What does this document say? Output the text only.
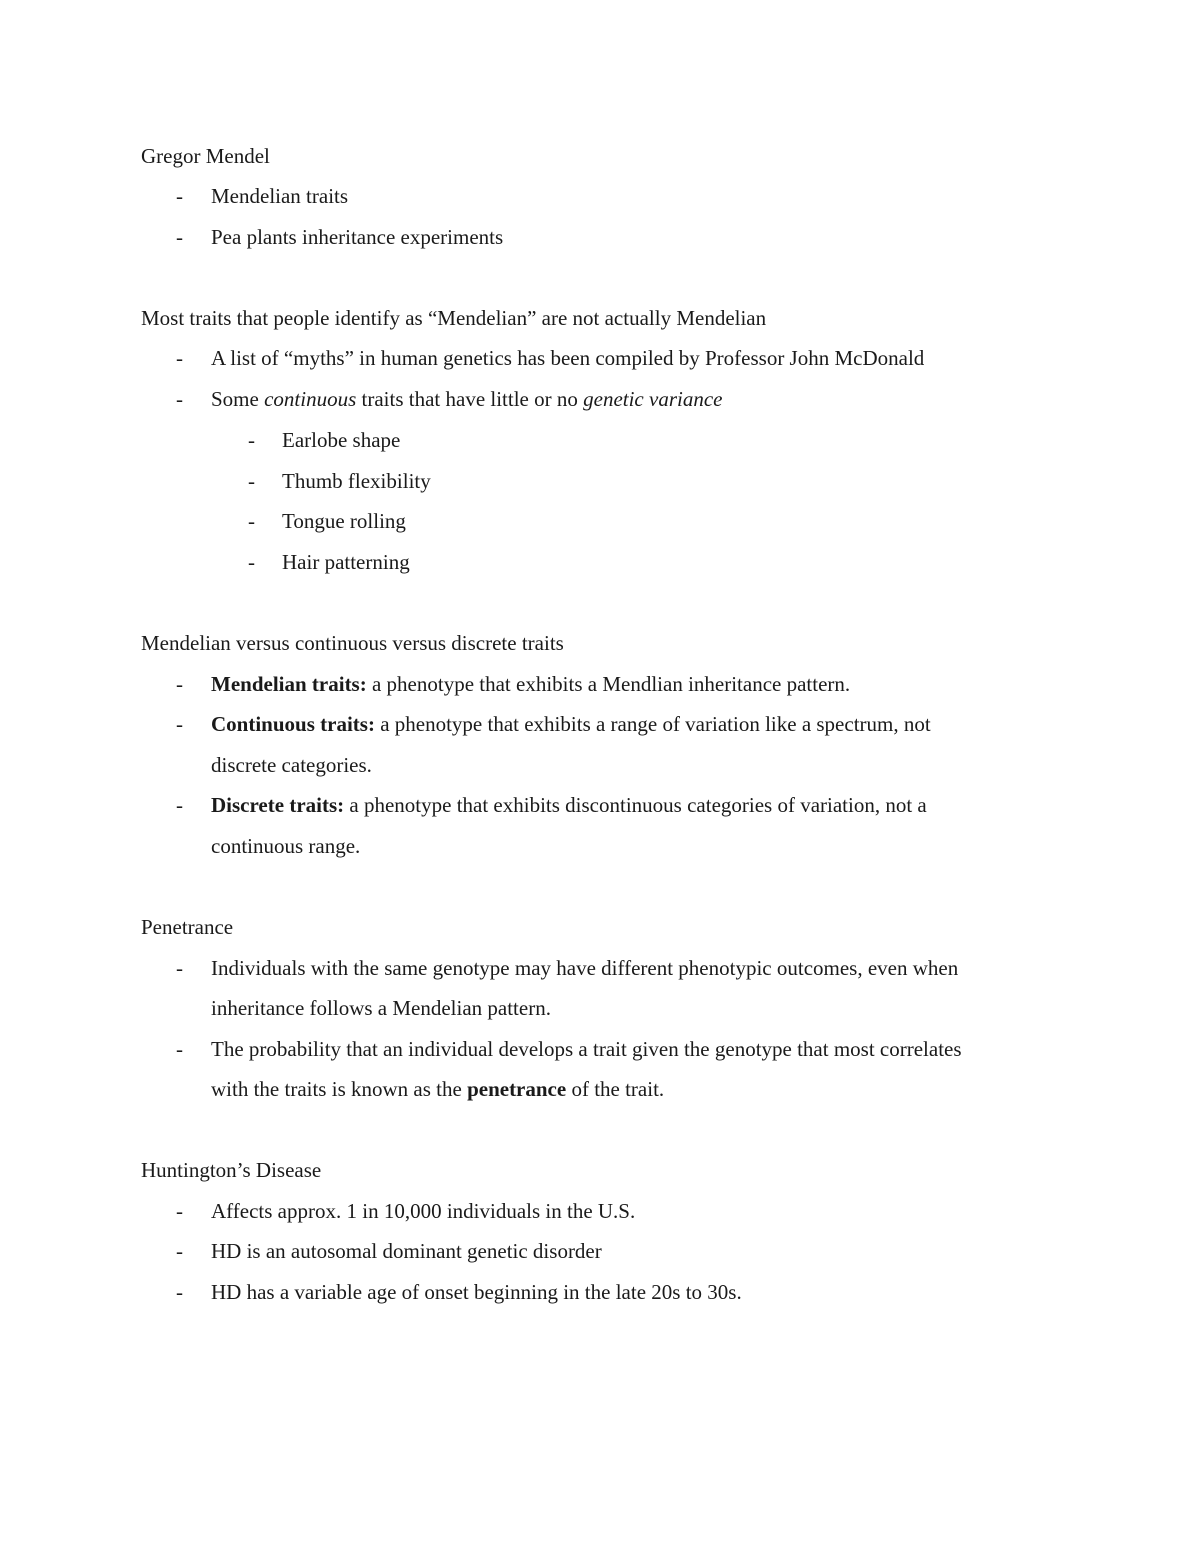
Gregor Mendel
-	Mendelian traits
-	Pea plants inheritance experiments
Most traits that people identify as “Mendelian” are not actually Mendelian
-	A list of “myths” in human genetics has been compiled by Professor John McDonald
-	Some continuous traits that have little or no genetic variance
-	Earlobe shape
-	Thumb flexibility
-	Tongue rolling
-	Hair patterning
Mendelian versus continuous versus discrete traits
-	Mendelian traits: a phenotype that exhibits a Mendlian inheritance pattern.
-	Continuous traits: a phenotype that exhibits a range of variation like a spectrum, not
discrete categories.
-	Discrete traits: a phenotype that exhibits discontinuous categories of variation, not a
continuous range.
Penetrance
-	Individuals with the same genotype may have different phenotypic outcomes, even when
inheritance follows a Mendelian pattern.
-	The probability that an individual develops a trait given the genotype that most correlates
with the traits is known as the penetrance of the trait.
Huntington’s Disease
-	Affects approx. 1 in 10,000 individuals in the U.S.
-	HD is an autosomal dominant genetic disorder
-	HD has a variable age of onset beginning in the late 20s to 30s.
